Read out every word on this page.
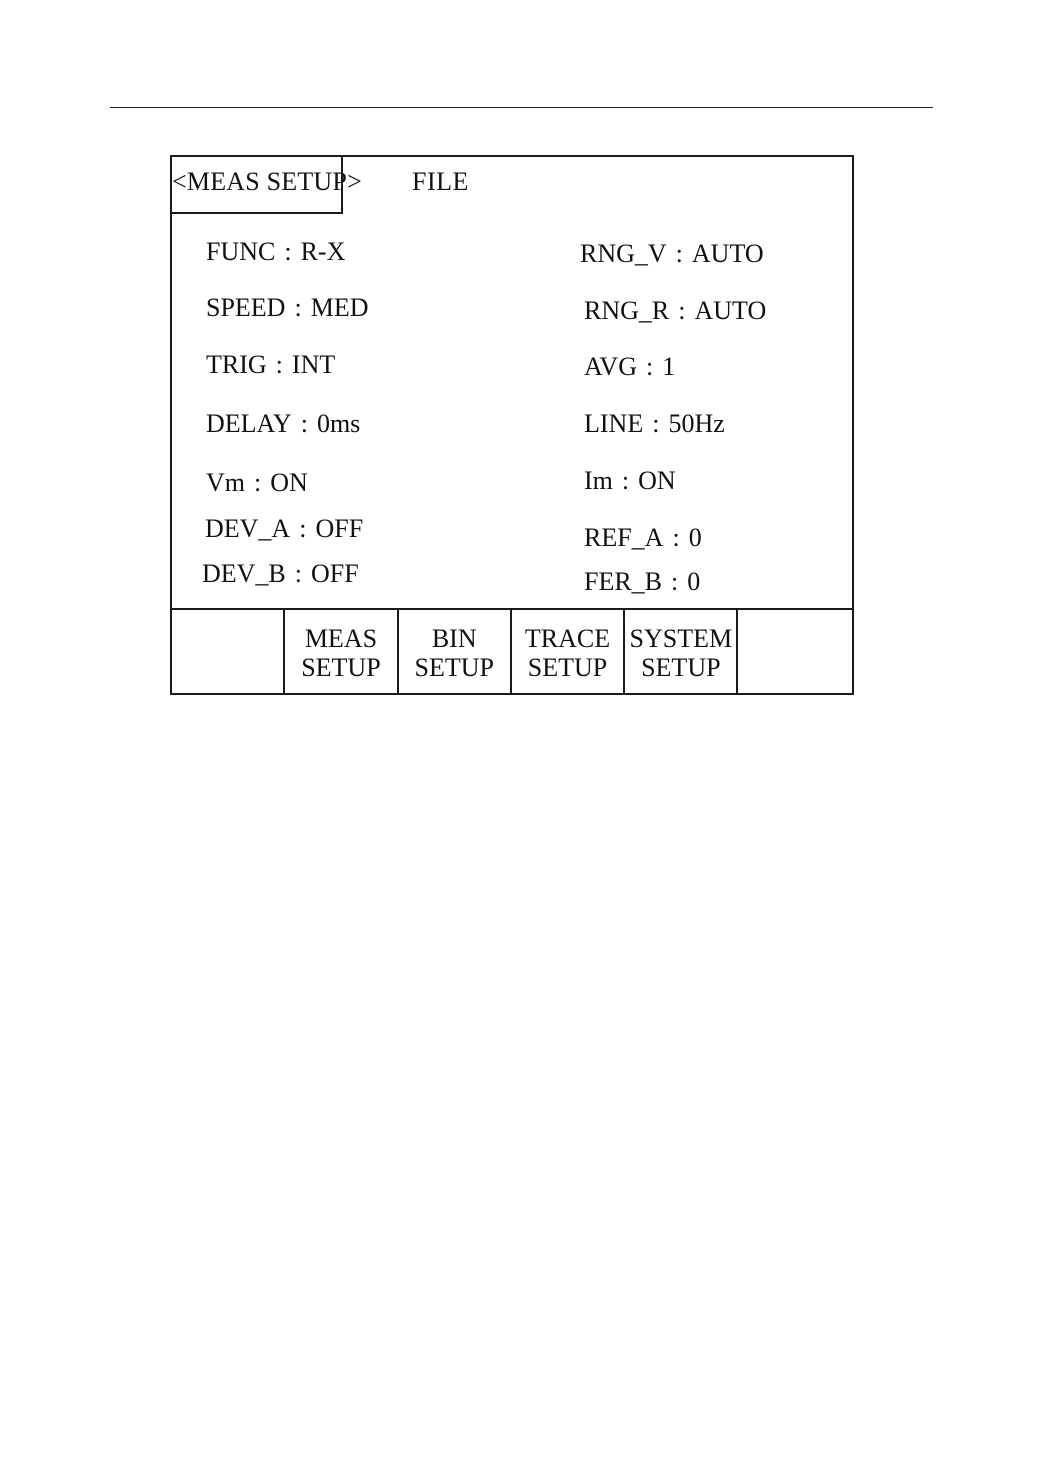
<MEAS SETUP> FILE
FUNC : R-X
SPEED : MED
TRIG : INT
DELAY : 0ms
Vm : ON
DEV_A : OFF
DEV_B : OFF
RNG_V : AUTO
RNG_R : AUTO
AVG : 1
LINE : 50Hz
Im : ON
REF_A : 0
FER_B : 0
MEAS
SETUP
BIN
SETUP
TRACE
SETUP
SYSTEM
SETUP
